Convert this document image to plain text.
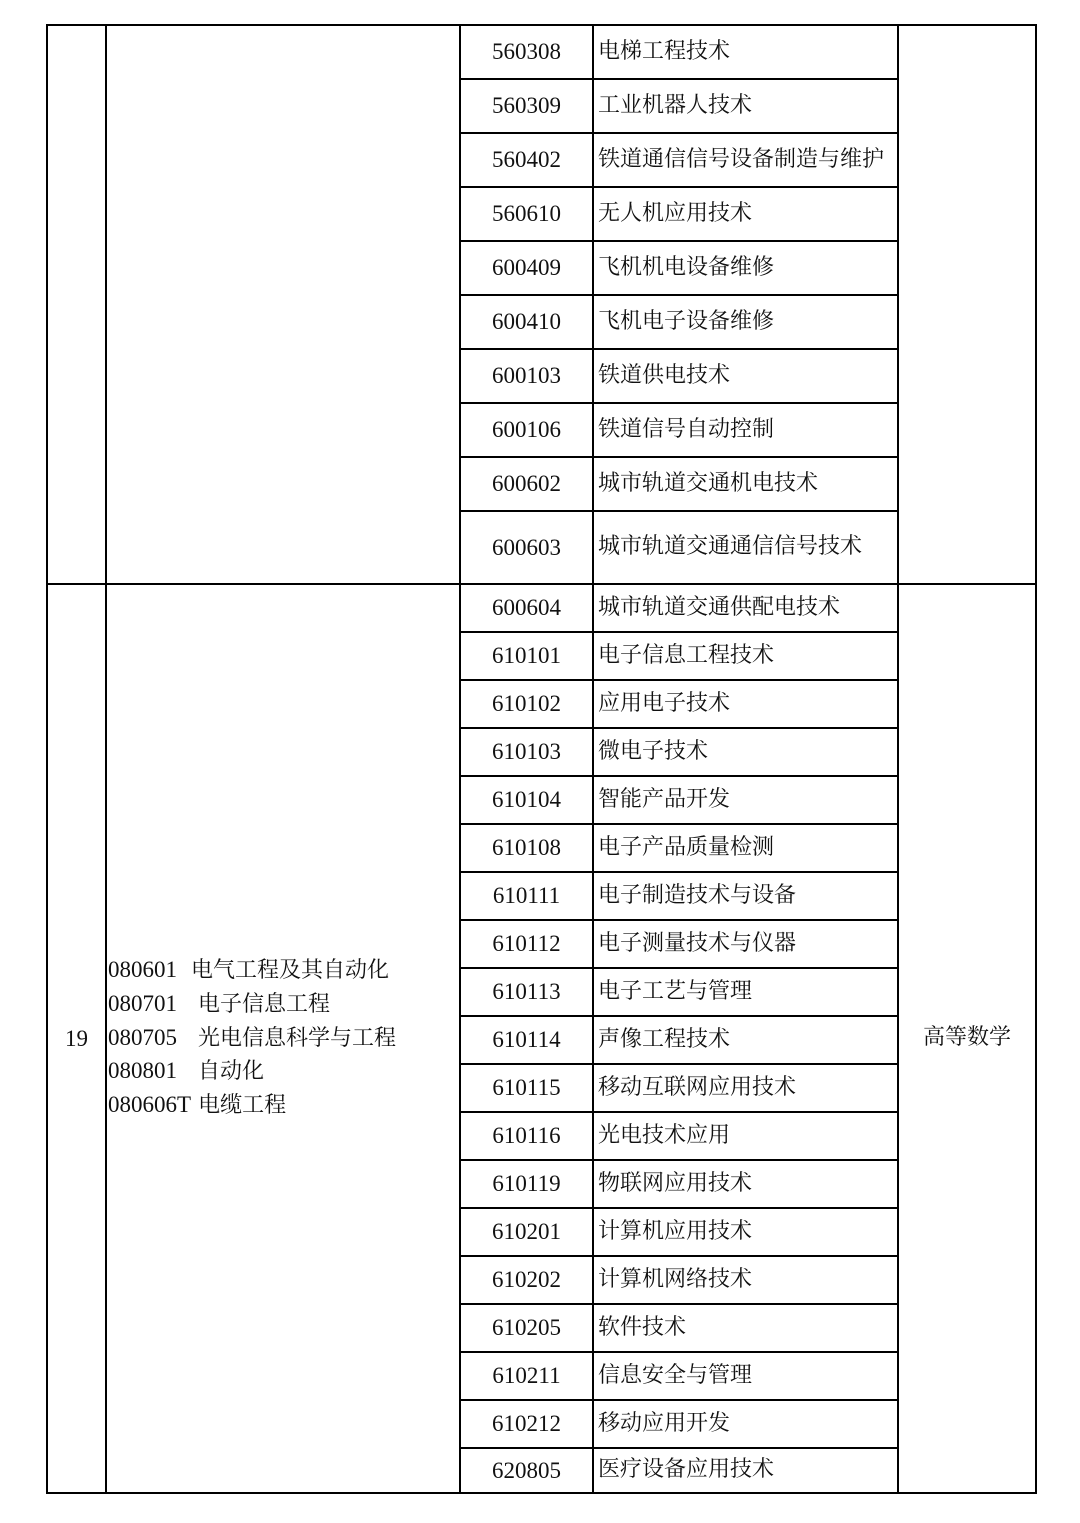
		560308	电梯工程技术	
		560309	工业机器人技术	
		560402	铁道通信信号设备制造与维护	
		560610	无人机应用技术	
		600409	飞机机电设备维修	
		600410	飞机电子设备维修	
		600103	铁道供电技术	
		600106	铁道信号自动控制	
		600602	城市轨道交通机电技术	
		600603	城市轨道交通通信信号技术	
19	080601 电气工程及其自动化
080701 电子信息工程
080705 光电信息科学与工程
080801 自动化
080606T 电缆工程	600604	城市轨道交通供配电技术	高等数学
		610101	电子信息工程技术	
		610102	应用电子技术	
		610103	微电子技术	
		610104	智能产品开发	
		610108	电子产品质量检测	
		610111	电子制造技术与设备	
		610112	电子测量技术与仪器	
		610113	电子工艺与管理	
		610114	声像工程技术	
		610115	移动互联网应用技术	
		610116	光电技术应用	
		610119	物联网应用技术	
		610201	计算机应用技术	
		610202	计算机网络技术	
		610205	软件技术	
		610211	信息安全与管理	
		610212	移动应用开发	
		620805	医疗设备应用技术	
